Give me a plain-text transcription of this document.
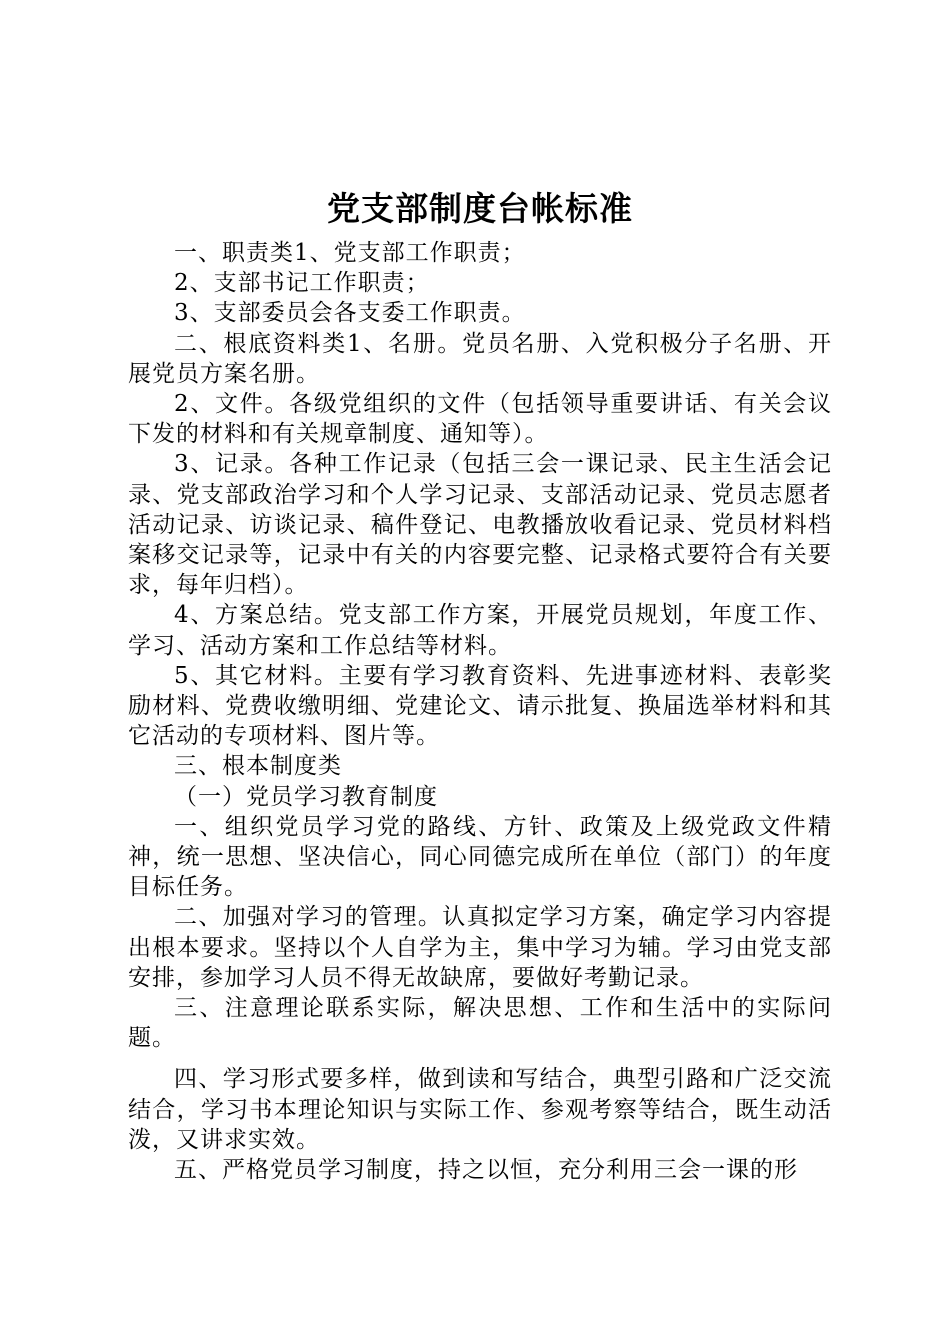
党支部制度台帐标准

一、职责类1、党支部工作职责；

2、支部书记工作职责；

3、支部委员会各支委工作职责。

二、根底资料类1、名册。党员名册、入党积极分子名册、开展党员方案名册。

2、文件。各级党组织的文件（包括领导重要讲话、有关会议下发的材料和有关规章制度、通知等）。

3、记录。各种工作记录（包括三会一课记录、民主生活会记录、党支部政治学习和个人学习记录、支部活动记录、党员志愿者活动记录、访谈记录、稿件登记、电教播放收看记录、党员材料档案移交记录等，记录中有关的内容要完整、记录格式要符合有关要求，每年归档）。

4、方案总结。党支部工作方案，开展党员规划，年度工作、学习、活动方案和工作总结等材料。

5、其它材料。主要有学习教育资料、先进事迹材料、表彰奖励材料、党费收缴明细、党建论文、请示批复、换届选举材料和其它活动的专项材料、图片等。

三、根本制度类

（一）党员学习教育制度

一、组织党员学习党的路线、方针、政策及上级党政文件精神，统一思想、坚决信心，同心同德完成所在单位（部门）的年度目标任务。

二、加强对学习的管理。认真拟定学习方案，确定学习内容提出根本要求。坚持以个人自学为主，集中学习为辅。学习由党支部安排，参加学习人员不得无故缺席，要做好考勤记录。

三、注意理论联系实际，解决思想、工作和生活中的实际问题。

四、学习形式要多样，做到读和写结合，典型引路和广泛交流结合，学习书本理论知识与实际工作、参观考察等结合，既生动活泼，又讲求实效。

五、严格党员学习制度，持之以恒，充分利用三会一课的形
